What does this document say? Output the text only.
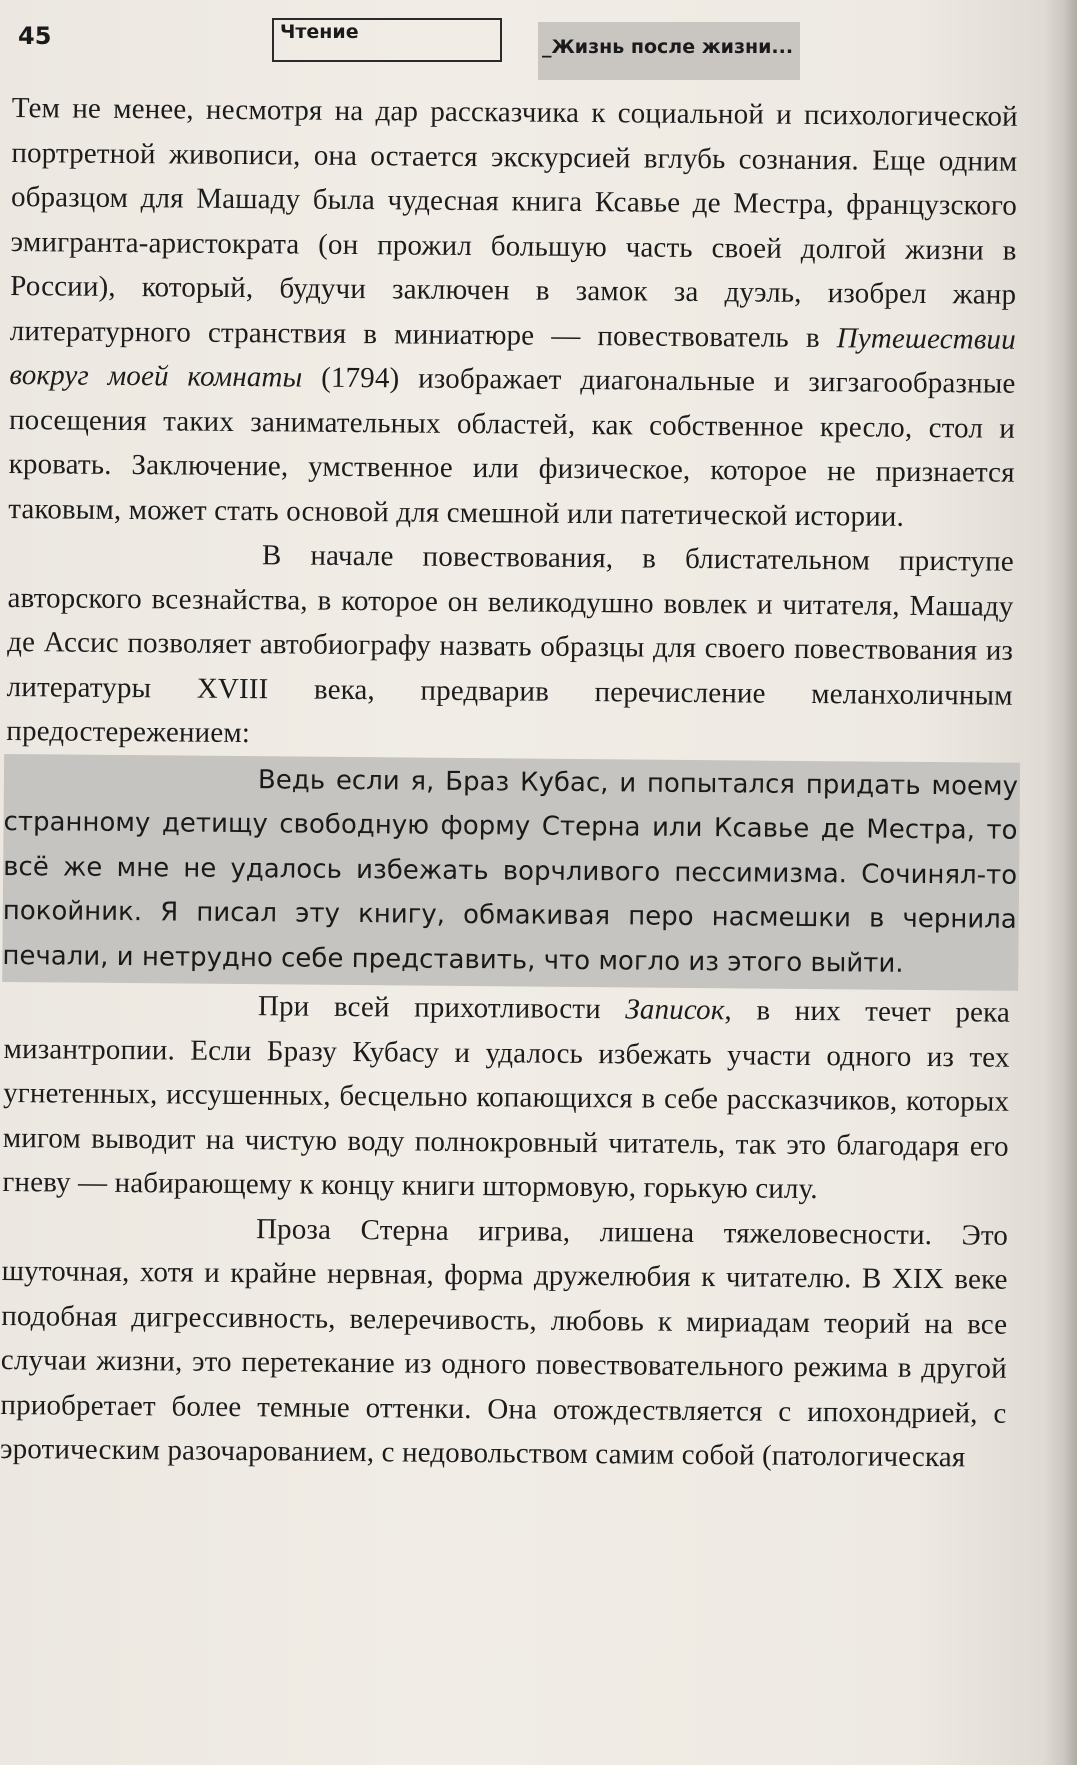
45	Чтение
_Жизнь после жизни...

Тем не менее, несмотря на дар рассказчика к социальной и психологической портретной живописи, она остается экскурсией вглубь сознания. Еще одним образцом для Машаду была чудесная книга Ксавье де Местра, французского эмигранта-аристократа (он прожил большую часть своей долгой жизни в России), который, будучи заключен в замок за дуэль, изобрел жанр литературного странствия в миниатюре — повествователь в Путешествии вокруг моей комнаты (1794) изображает диагональные и зигзагообразные посещения таких занимательных областей, как собственное кресло, стол и кровать. Заключение, умственное или физическое, которое не признается таковым, может стать основой для смешной или патетической истории.

В начале повествования, в блистательном приступе авторского всезнайства, в которое он великодушно вовлек и читателя, Машаду де Ассис позволяет автобиографу назвать образцы для своего повествования из литературы XVIII века, предварив перечисление меланхоличным предостережением:

Ведь если я, Браз Кубас, и попытался придать моему странному детищу свободную форму Стерна или Ксавье де Местра, то всё же мне не удалось избежать ворчливого пессимизма. Сочинял-то покойник. Я писал эту книгу, обмакивая перо насмешки в чернила печали, и нетрудно себе представить, что могло из этого выйти.

При всей прихотливости Записок, в них течет река мизантропии. Если Бразу Кубасу и удалось избежать участи одного из тех угнетенных, иссушенных, бесцельно копающихся в себе рассказчиков, которых мигом выводит на чистую воду полнокровный читатель, так это благодаря его гневу — набирающему к концу книги штормовую, горькую силу.

Проза Стерна игрива, лишена тяжеловесности. Это шуточная, хотя и крайне нервная, форма дружелюбия к читателю. В XIX веке подобная дигрессивность, велеречивость, любовь к мириадам теорий на все случаи жизни, это перетекание из одного повествовательного режима в другой приобретает более темные оттенки. Она отождествляется с ипохондрией, с эротическим разочарованием, с недовольством самим собой (патологическая
